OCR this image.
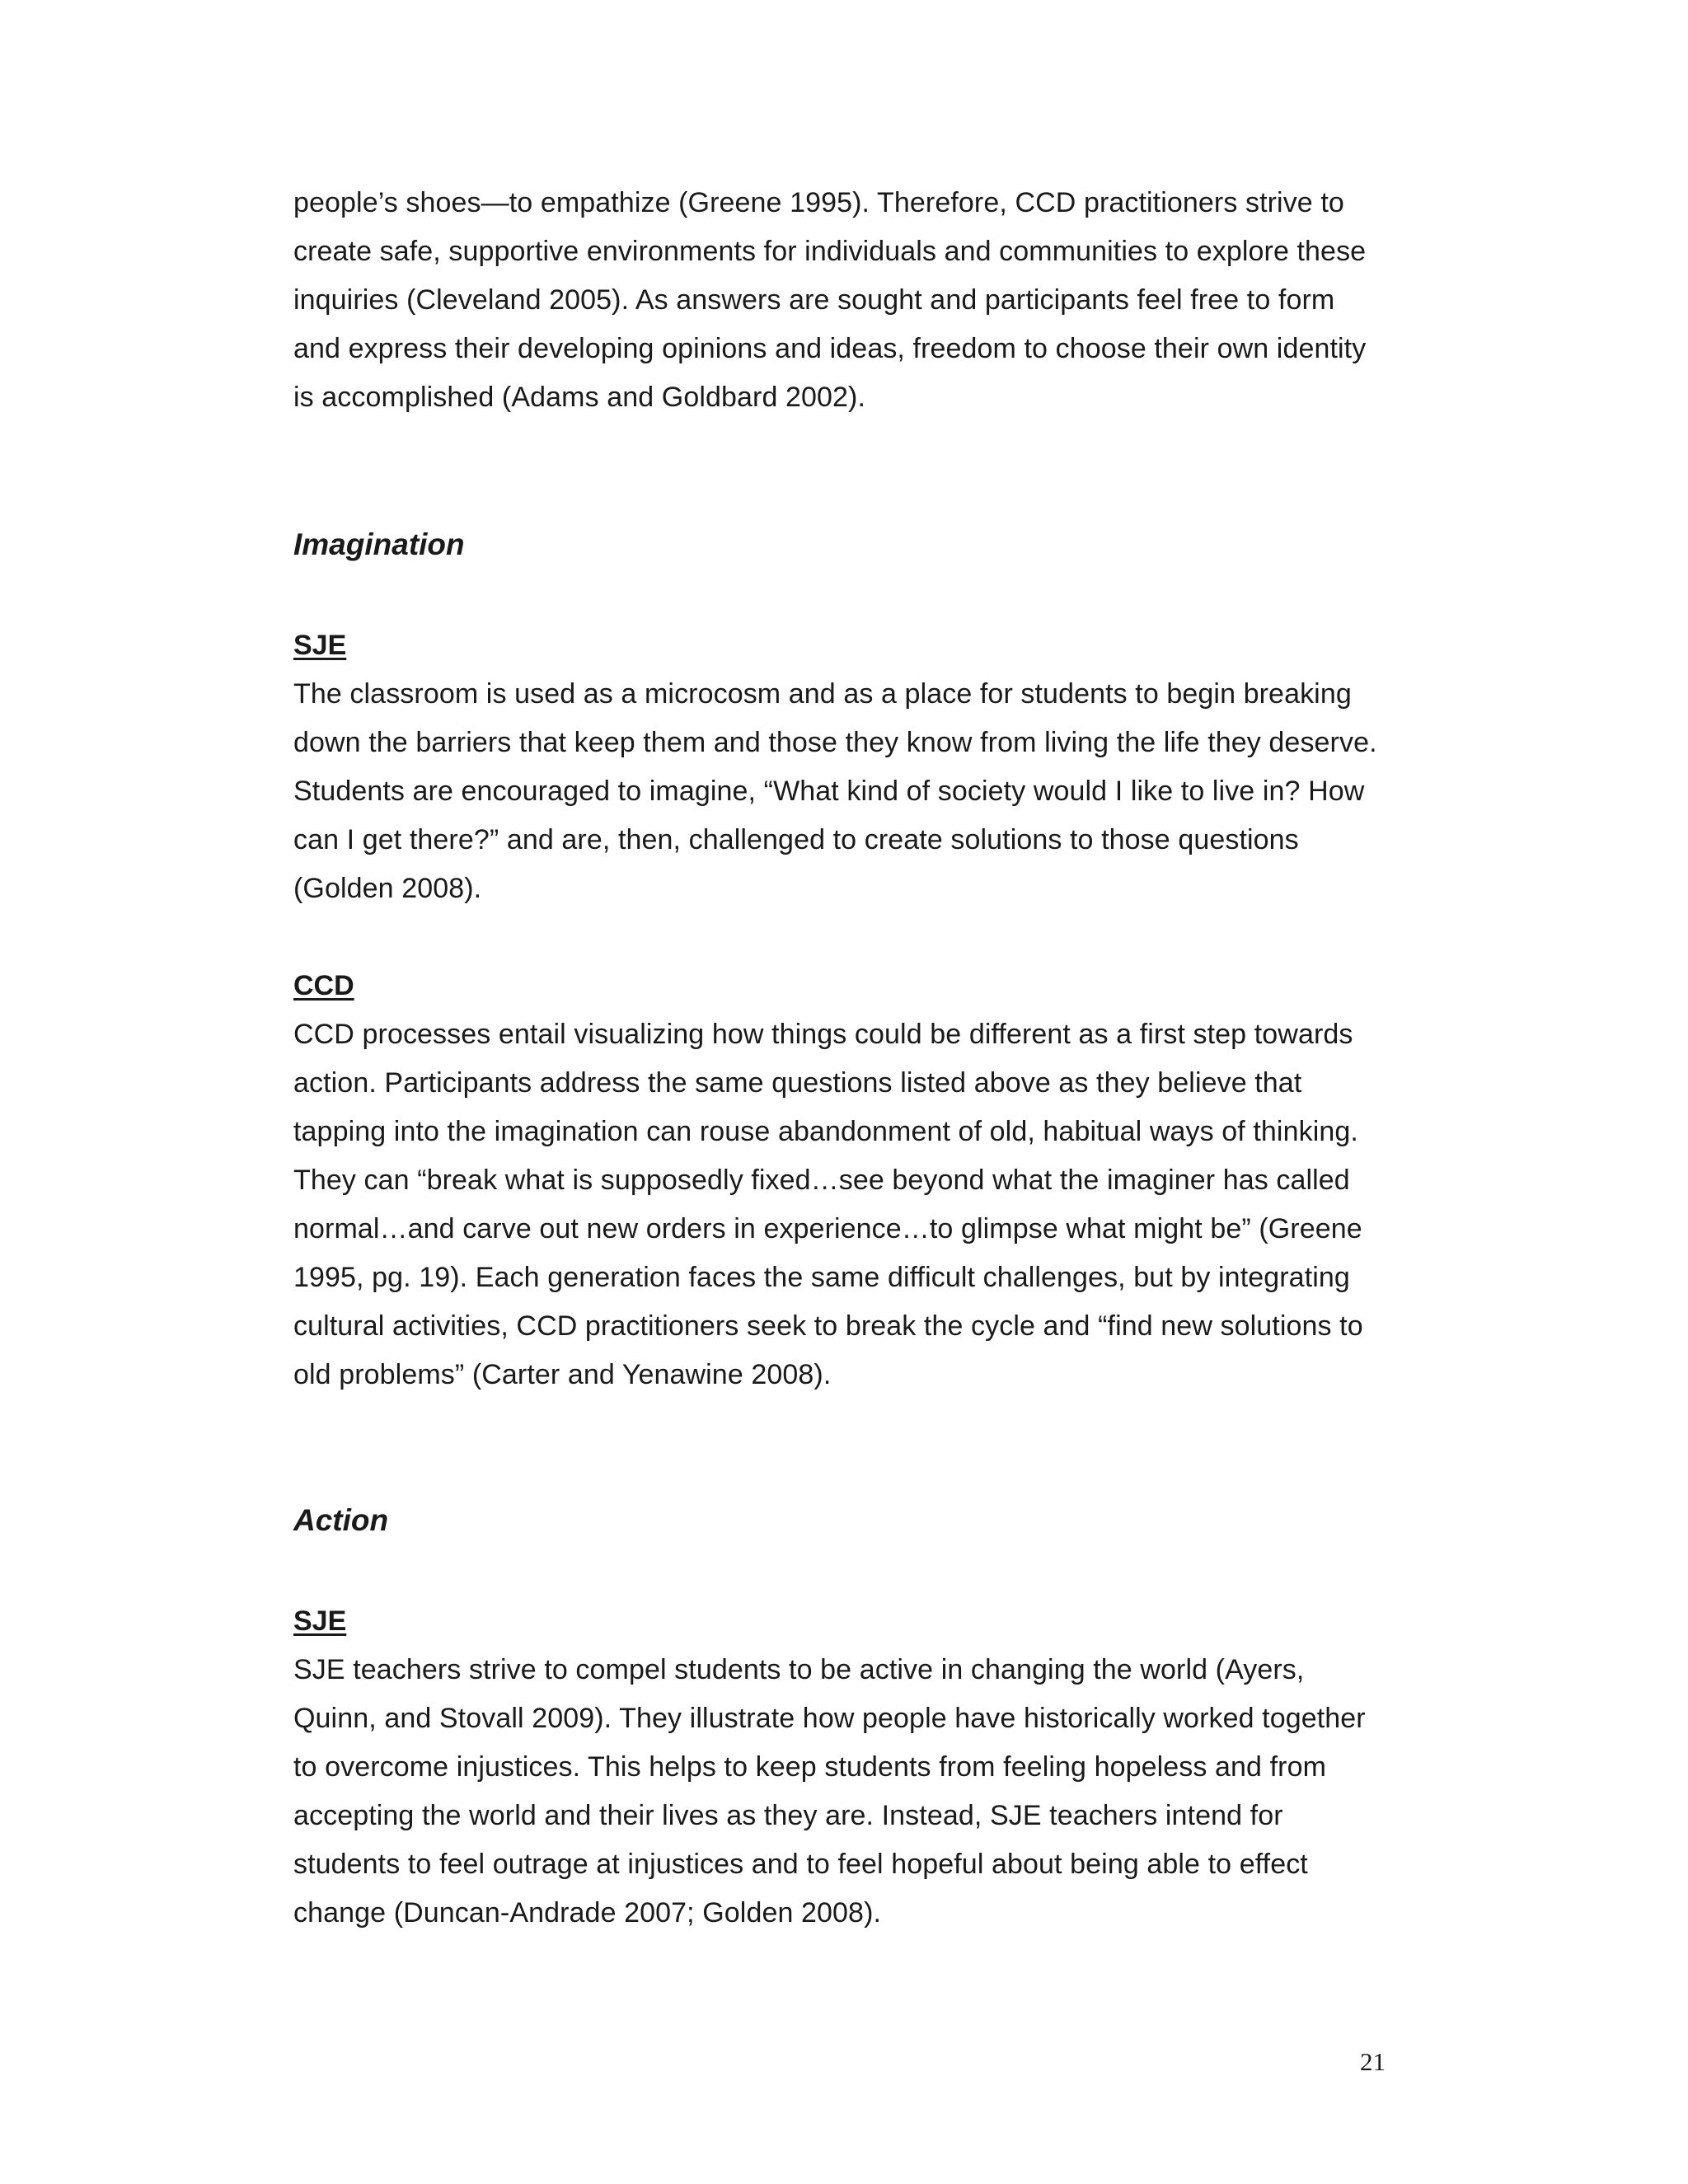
people’s shoes—to empathize (Greene 1995). Therefore, CCD practitioners strive to
create safe, supportive environments for individuals and communities to explore these
inquiries (Cleveland 2005). As answers are sought and participants feel free to form
and express their developing opinions and ideas, freedom to choose their own identity
is accomplished (Adams and Goldbard 2002).
Imagination
SJE
The classroom is used as a microcosm and as a place for students to begin breaking
down the barriers that keep them and those they know from living the life they deserve.
Students are encouraged to imagine, “What kind of society would I like to live in? How
can I get there?” and are, then, challenged to create solutions to those questions
(Golden 2008).
CCD
CCD processes entail visualizing how things could be different as a first step towards
action. Participants address the same questions listed above as they believe that
tapping into the imagination can rouse abandonment of old, habitual ways of thinking.
They can “break what is supposedly fixed…see beyond what the imaginer has called
normal…and carve out new orders in experience…to glimpse what might be” (Greene
1995, pg. 19). Each generation faces the same difficult challenges, but by integrating
cultural activities, CCD practitioners seek to break the cycle and “find new solutions to
old problems” (Carter and Yenawine 2008).
Action
SJE
SJE teachers strive to compel students to be active in changing the world (Ayers,
Quinn, and Stovall 2009). They illustrate how people have historically worked together
to overcome injustices. This helps to keep students from feeling hopeless and from
accepting the world and their lives as they are. Instead, SJE teachers intend for
students to feel outrage at injustices and to feel hopeful about being able to effect
change (Duncan-Andrade 2007; Golden 2008).
21
